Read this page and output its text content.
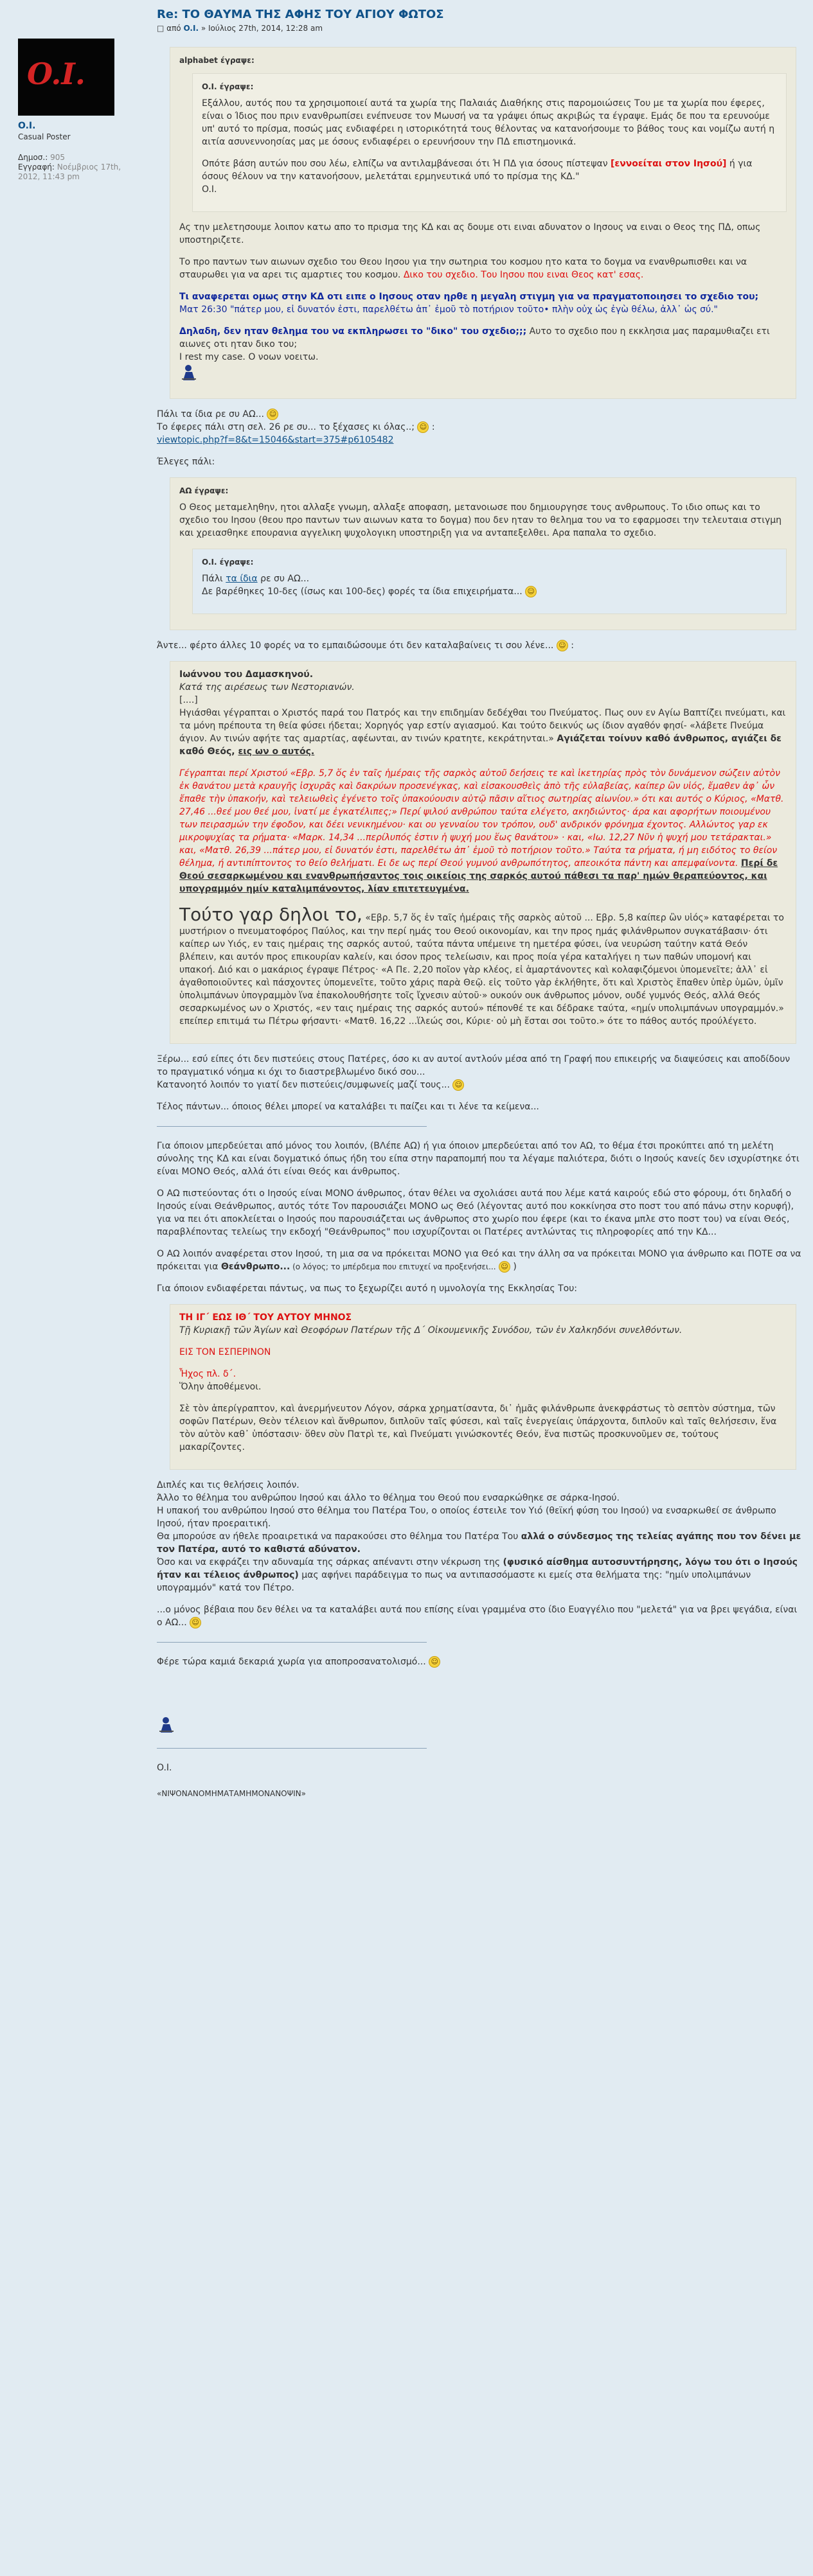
O.I.
O.I.
Casual Poster
Δημοσ.: 905
Εγγραφή: Νοέμβριος 17th, 2012, 11:43 pm
Re: ΤΟ ΘΑΥΜΑ ΤΗΣ ΑΦΗΣ ΤΟΥ ΑΓΙΟΥ ΦΩΤΟΣ
□ από O.I. » Ιούλιος 27th, 2014, 12:28 am
alphabet έγραψε:
O.I. έγραψε:

Εξάλλου, αυτός που τα χρησιμοποιεί αυτά τα χωρία της Παλαιάς Διαθήκης στις παρομοιώσεις Του με τα χωρία που έφερες, είναι ο Ίδιος που πριν ενανθρωπίσει ενέπνευσε τον Μωυσή να τα γράψει όπως ακριβώς τα έγραψε. Εμάς δε που τα ερευνούμε υπ' αυτό το πρίσμα, ποσώς μας ενδιαφέρει η ιστορικότητά τους θέλοντας να κατανοήσουμε το βάθος τους και νομίζω αυτή η αιτία ασυνεννοησίας μας με όσους ενδιαφέρει ο ερευνήσουν την ΠΔ επιστημονικά.

Οπότε βάση αυτών που σου λέω, ελπίζω να αντιλαμβάνεσαι ότι Ή ΠΔ για όσους πίστεψαν [εννοείται στον Ιησού] ή για όσους θέλουν να την κατανοήσουν, μελετάται ερμηνευτικά υπό το πρίσμα της ΚΔ."
O.I.

Ας την μελετησουμε λοιπον κατω απο το πρισμα της ΚΔ και ας δουμε οτι ειναι αδυνατον ο Ιησους να ειναι ο Θεος της ΠΔ, οπως υποστηριζετε.

Το προ παντων των αιωνων σχεδιο του Θεου Ιησου για την σωτηρια του κοσμου ητο κατα το δογμα να ενανθρωπισθει και να σταυρωθει για να αρει τις αμαρτιες του κοσμου. Δικο του σχεδιο. Του Ιησου που ειναι Θεος κατ' εσας.

Τι αναφερεται ομως στην ΚΔ οτι ειπε ο Ιησους οταν ηρθε η μεγαλη στιγμη για να πραγματοποιησει το σχεδιο του;
Ματ 26:30 "πάτερ μου, εἰ δυνατόν ἐστι, παρελθέτω ἀπ᾿ ἐμοῦ τὸ ποτήριον τοῦτο• πλὴν οὐχ ὡς ἐγὼ θέλω, ἀλλ᾿ ὡς σύ."

Δηλαδη, δεν ηταν θελημα του να εκπληρωσει το "δικο" του σχεδιο;;; Αυτο το σχεδιο που η εκκλησια μας παραμυθιαζει ετι αιωνες οτι ηταν δικο του;
I rest my case. Ο νοων νοειτω.

Πάλι τα ίδια ρε συ ΑΩ... ☺
Το έφερες πάλι στη σελ. 26 ρε συ... το ξέχασες κι όλας..; ☺ :
viewtopic.php?f=8&t=15046&start=375#p6105482

Έλεγες πάλι:

ΑΩ έγραψε:

Ο Θεος μεταμεληθην, ητοι αλλαξε γνωμη, αλλαξε αποφαση, μετανοιωσε που δημιουργησε τους ανθρωπους. Το ιδιο οπως και το σχεδιο του Ιησου (θεου προ παντων των αιωνων κατα το δογμα) που δεν ηταν το θελημα του να το εφαρμοσει την τελευταια στιγμη και χρειασθηκε επουρανια αγγελικη ψυχολογικη υποστηριξη για να ανταπεξελθει. Αρα παπαλα το σχεδιο.

O.I. έγραψε:

Πάλι τα ίδια ρε συ ΑΩ...
Δε βαρέθηκες 10-δες (ίσως και 100-δες) φορές τα ίδια επιχειρήματα... ☺

Άντε... φέρτο άλλες 10 φορές να το εμπαιδώσουμε ότι δεν καταλαβαίνεις τι σου λένε... ☺ :

Ιωάννου του Δαμασκηνού.
Κατά της αιρέσεως των Νεστοριανών.
[....]
Ηγιάσθαι γέγραπται ο Χριστός παρά του Πατρός και την επιδημίαν δεδέχθαι του Πνεύματος. Πως ουν εν Αγίω Βαπτίζει πνεύματι, και τα μόνη πρέπουτα τη θεία φύσει ήδεται; Χορηγός γαρ εστίν αγιασμού. Και τούτο δεικνύς ως ίδιον αγαθόν φησί- «λάβετε Πνεύμα άγιον. Αν τινών αφήτε τας αμαρτίας, αφέωνται, αν τινών κρατητε, κεκράτηνται.» Αγιάζεται τοίνυν καθό άνθρωπος, αγιάζει δε καθό Θεός, εις ων ο αυτός.

Γέγραπται περί Χριστού «Εβρ. 5,7 ὅς ἐν ταῖς ἡμέραις τῆς σαρκὸς αὐτοῦ δεήσεις τε καὶ ἱκετηρίας πρὸς τὸν δυνάμενον σώζειν αὐτὸν ἐκ θανάτου μετὰ κραυγῆς ἰσχυρᾶς καὶ δακρύων προσενέγκας, καὶ εἰσακουσθεὶς ἀπὸ τῆς εὐλαβείας, καίπερ ὢν υἱός, ἔμαθεν ἀφ᾿ ὧν ἔπαθε τὴν ὑπακοήν, καὶ τελειωθεὶς ἐγένετο τοῖς ὑπακούουσιν αὐτῷ πᾶσιν αἴτιος σωτηρίας αἰωνίου.» ότι και αυτός ο Κύριος, «Ματθ. 27,46 ...θεέ μου θεέ μου, ἱνατί με ἐγκατέλιπες;» Περί ψιλού ανθρώπου ταύτα ελέγετο, ακηδιώντος· άρα και αφορήτων ποιουμένου των πειρασμών την έφοδον, και δέει νενικημένου· και ου γενναίου τον τρόπον, ουδ' ανδρικόν φρόνημα έχοντος. Αλλώντος γαρ εκ μικροψυχίας τα ρήματα· «Μαρκ. 14,34 ...περίλυπός ἐστιν ἡ ψυχή μου ἕως θανάτου» · και, «Ιω. 12,27 Νῦν ἡ ψυχή μου τετάρακται.» και, «Ματθ. 26,39 ...πάτερ μου, εἰ δυνατόν ἐστι, παρελθέτω ἀπ᾿ ἐμοῦ τὸ ποτήριον τοῦτο.» Ταύτα τα ρήματα, ή μη ειδότος το θείον θέλημα, ή αντιπίπτοντος το θείο θελήματι. Ει δε ως περί Θεού γυμνού ανθρωπότητος, απεοικότα πάντη και απεμφαίνοντα. Περί δε Θεού σεσαρκωμένου και ενανθρωπήσαντος τοις οικείοις της σαρκός αυτού πάθεσι τα παρ' ημών θεραπεύοντος, και υπογραμμόν ημίν καταλιμπάνοντος, λίαν επιτετευγμένα.

Τούτο γαρ δηλοι το, «Εβρ. 5,7 ὅς ἐν ταῖς ἡμέραις τῆς σαρκὸς αὐτοῦ ... Εβρ. 5,8 καίπερ ὢν υἱός» καταφέρεται το μυστήριον ο πνευματοφόρος Παύλος, και την περί ημάς του Θεού οικονομίαν, και την προς ημάς φιλάνθρωπον συγκατάβασιν· ότι καίπερ ων Υιός, εν ταις ημέραις της σαρκός αυτού, ταύτα πάντα υπέμεινε τη ημετέρα φύσει, ίνα νευρώση ταύτην κατά Θεόν βλέπειν, και αυτόν προς επικουρίαν καλείν, και όσον προς τελείωσιν, και προς ποία γέρα καταλήγει η των παθών υπομονή και υπακοή. Διό και ο μακάριος έγραψε Πέτρος· «Α Πε. 2,20 ποῖον γὰρ κλέος, εἰ ἁμαρτάνοντες καὶ κολαφιζόμενοι ὑπομενεῖτε; ἀλλ᾿ εἰ ἀγαθοποιοῦντες καὶ πάσχοντες ὑπομενεῖτε, τοῦτο χάρις παρὰ Θεῷ. εἰς τοῦτο γὰρ ἐκλήθητε, ὅτι καὶ Χριστὸς ἔπαθεν ὑπὲρ ὑμῶν, ὑμῖν ὑπολιμπάνων ὑπογραμμὸν ἵνα ἐπακολουθήσητε τοῖς ἴχνεσιν αὐτοῦ·» ουκούν ουκ άνθρωπος μόνον, ουδέ γυμνός Θεός, αλλά Θεός σεσαρκωμένος ων ο Χριστός, «εν ταις ημέραις της σαρκός αυτού» πέπονθέ τε και δέδρακε ταύτα, «ημίν υπολιμπάνων υπογραμμόν.» επείπερ επιτιμά τω Πέτρω φήσαντι· «Ματθ. 16,22 ...ἵλεώς σοι, Κύριε· οὐ μὴ ἔσται σοι τοῦτο.» ότε το πάθος αυτός προύλέγετο.

Ξέρω... εσύ είπες ότι δεν πιστεύεις στους Πατέρες, όσο κι αν αυτοί αντλούν μέσα από τη Γραφή που επικειρής να διαψεύσεις και αποδίδουν το πραγματικό νόημα κι όχι το διαστρεβλωμένο δικό σου...
Κατανοητό λοιπόν το γιατί δεν πιστεύεις/συμφωνείς μαζί τους... ☺

Τέλος πάντων... όποιος θέλει μπορεί να καταλάβει τι παίζει και τι λένε τα κείμενα...

Για όποιον μπερδεύεται από μόνος του λοιπόν, (ΒΛέπε ΑΩ) ή για όποιον μπερδεύεται από τον ΑΩ, το θέμα έτσι προκύπτει από τη μελέτη σύνολης της ΚΔ και είναι δογματικό όπως ήδη του είπα στην παραπομπή που τα λέγαμε παλιότερα, διότι ο Ιησούς κανείς δεν ισχυρίστηκε ότι είναι ΜΟΝΟ Θεός, αλλά ότι είναι Θεός και άνθρωπος.

Ο ΑΩ πιστεύοντας ότι ο Ιησούς είναι ΜΟΝΟ άνθρωπος, όταν θέλει να σχολιάσει αυτά που λέμε κατά καιρούς εδώ στο φόρουμ, ότι δηλαδή ο Ιησούς είναι Θεάνθρωπος, αυτός τότε Τον παρουσιάζει ΜΟΝΟ ως Θεό (λέγοντας αυτό που κοκκίνησα στο ποστ του από πάνω στην κορυφή), για να πει ότι αποκλείεται ο Ιησούς που παρουσιάζεται ως άνθρωπος στο χωρίο που έφερε (και το έκανα μπλε στο ποστ του) να είναι Θεός, παραβλέποντας τελείως την εκδοχή "Θεάνθρωπος" που ισχυρίζονται οι Πατέρες αντλώντας τις πληροφορίες από την ΚΔ...

Ο ΑΩ λοιπόν αναφέρεται στον Ιησού, τη μια σα να πρόκειται ΜΟΝΟ για Θεό και την άλλη σα να πρόκειται ΜΟΝΟ για άνθρωπο και ΠΟΤΕ σα να πρόκειται για Θεάνθρωπο... (ο λόγος; το μπέρδεμα που επιτυχεί να προξενήσει... ☺ )

Για όποιον ενδιαφέρεται πάντως, να πως το ξεχωρίζει αυτό η υμνολογία της Εκκλησίας Του:

ΤΗ ΙΓ΄ ΕΩΣ ΙΘ΄ ΤΟΥ ΑΥΤΟΥ ΜΗΝΟΣ
Τῇ Κυριακῇ τῶν Ἁγίων καὶ Θεοφόρων Πατέρων τῆς Δ΄ Οἰκουμενικῆς Συνόδου, τῶν ἐν Χαλκηδόνι συνελθόντων.

ΕΙΣ ΤΟΝ ΕΣΠΕΡΙΝΟΝ

Ἦχος πλ. δ΄.
Ὅλην ἀποθέμενοι.

Σὲ τὸν ἀπερίγραπτον, καὶ ἀνερμήνευτον Λόγον, σάρκα χρηματίσαντα, δι᾿ ἡμᾶς φιλάνθρωπε ἀνεκφράστως τὸ σεπτὸν σύστημα, τῶν σοφῶν Πατέρων, Θεὸν τέλειον καὶ ἄνθρωπον, διπλοῦν ταῖς φύσεσι, καὶ ταῖς ἐνεργείαις ὑπάρχοντα, διπλοῦν καὶ ταῖς θελήσεσιν, ἕνα τὸν αὐτὸν καθ᾿ ὑπόστασιν· ὅθεν σὺν Πατρὶ τε, καὶ Πνεύματι γινώσκοντές Θεόν, ἕνα πιστῶς προσκυνοῦμεν σε, τούτους μακαρίζοντες.

Διπλές και τις θελήσεις λοιπόν.
Άλλο το θέλημα του ανθρώπου Ιησού και άλλο το θέλημα του Θεού που ενσαρκώθηκε σε σάρκα-Ιησού.
Η υπακοή του ανθρώπου Ιησού στο θέλημα του Πατέρα Του, ο οποίος έστειλε τον Υιό (θεϊκή φύση του Ιησού) να ενσαρκωθεί σε άνθρωπο Ιησού, ήταν προεραιτική.
Θα μπορούσε αν ήθελε προαιρετικά να παρακούσει στο θέλημα του Πατέρα Του αλλά ο σύνδεσμος της τελείας αγάπης που τον δένει με τον Πατέρα, αυτό το καθιστά αδύνατον.
Όσο και να εκφράζει την αδυναμία της σάρκας απέναντι στην νέκρωση της (φυσικό αίσθημα αυτοσυντήρησης, λόγω του ότι ο Ιησούς ήταν και τέλειος άνθρωπος) μας αφήνει παράδειγμα το πως να αντιπασσόμαστε κι εμείς στα θελήματα της: "ημίν υπολιμπάνων υπογραμμόν" κατά τον Πέτρο.

...ο μόνος βέβαια που δεν θέλει να τα καταλάβει αυτά που επίσης είναι γραμμένα στο ίδιο Ευαγγέλιο που "μελετά" για να βρει ψεγάδια, είναι ο ΑΩ... ☺

Φέρε τώρα καμιά δεκαριά χωρία για αποπροσανατολισμό... ☺

O.I.

«ΝΙΨΟΝΑΝΟΜΗΜΑΤΑΜΗΜΟΝΑΝΟΨΙΝ»
